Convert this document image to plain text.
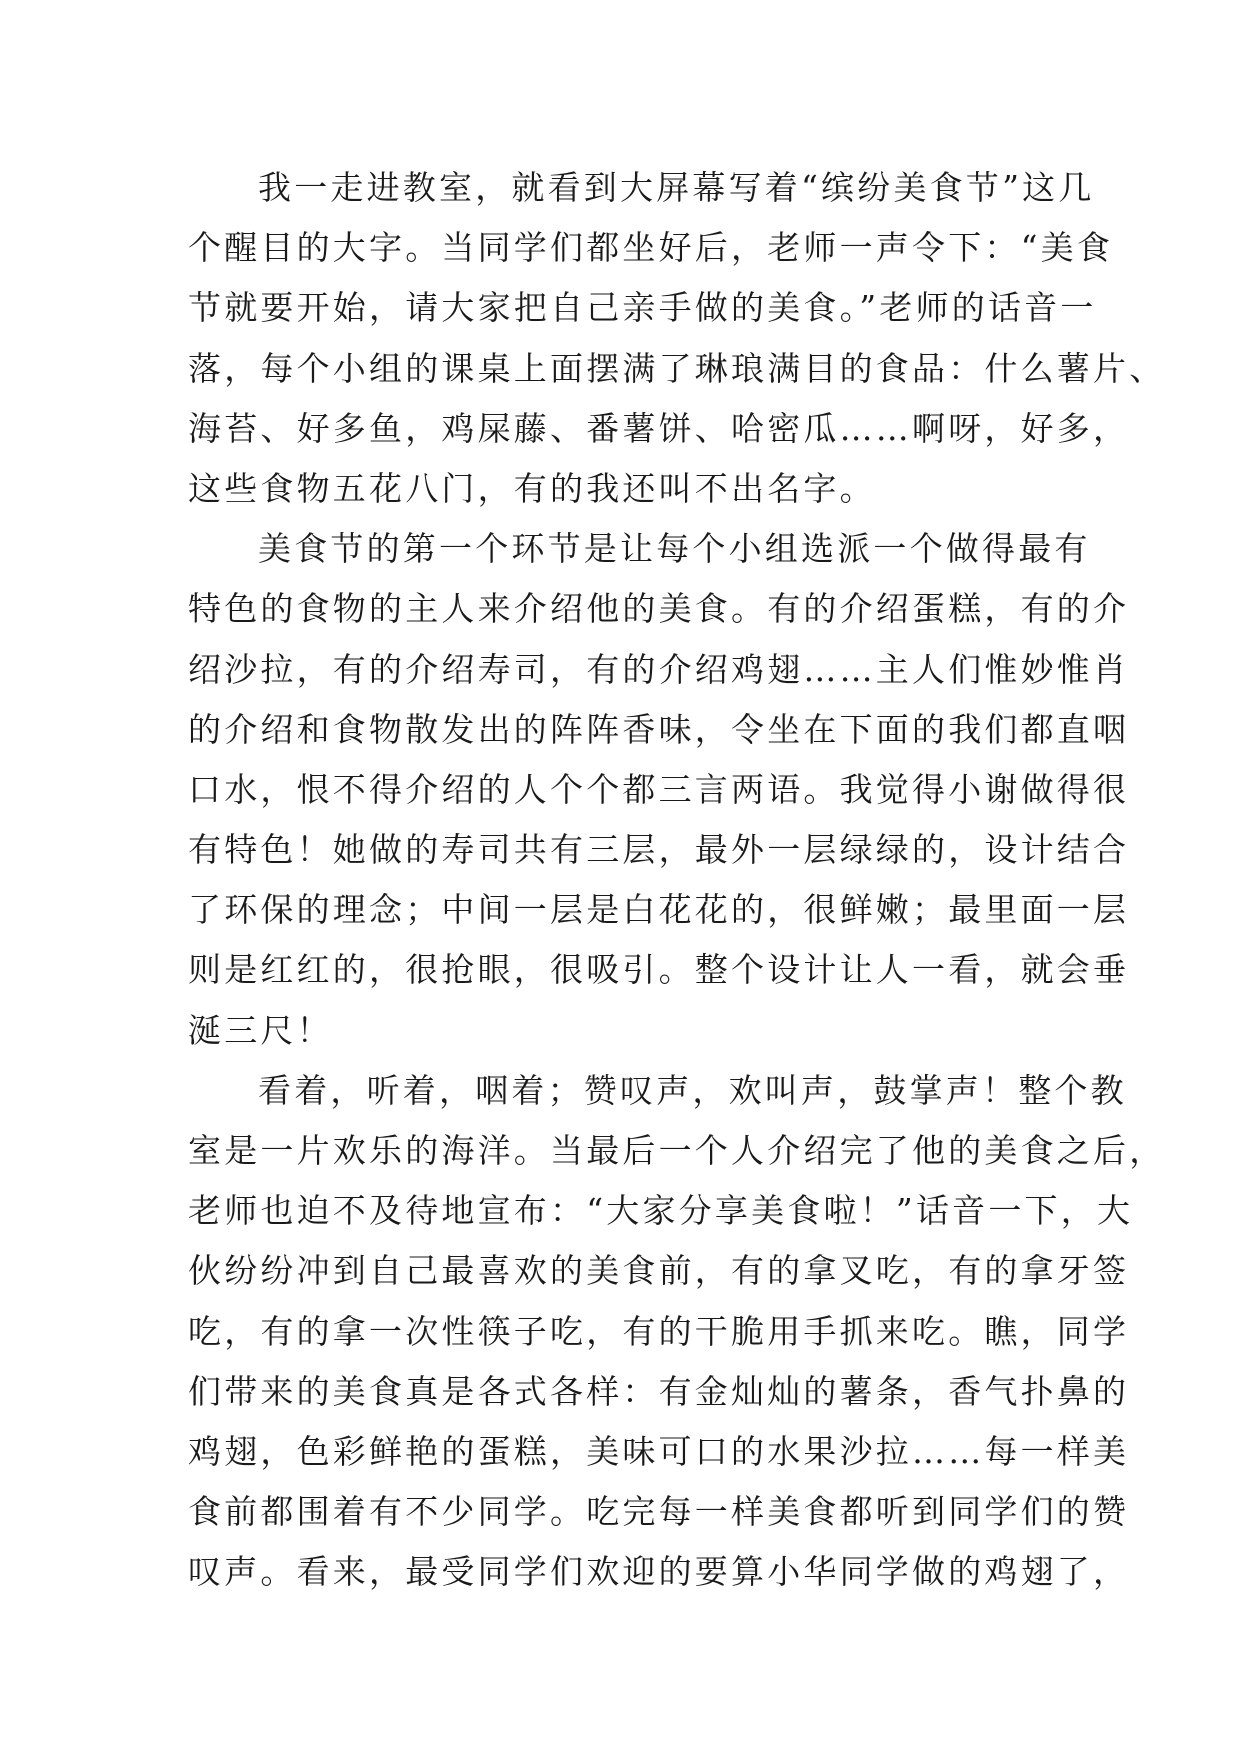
我一走进教室，就看到大屏幕写着“缤纷美食节”这几
个醒目的大字。当同学们都坐好后，老师一声令下：“美食
节就要开始，请大家把自己亲手做的美食。”老师的话音一
落，每个小组的课桌上面摆满了琳琅满目的食品：什么薯片、
海苔、好多鱼，鸡屎藤、番薯饼、哈密瓜……啊呀，好多，
这些食物五花八门，有的我还叫不出名字。
美食节的第一个环节是让每个小组选派一个做得最有
特色的食物的主人来介绍他的美食。有的介绍蛋糕，有的介
绍沙拉，有的介绍寿司，有的介绍鸡翅……主人们惟妙惟肖
的介绍和食物散发出的阵阵香味，令坐在下面的我们都直咽
口水，恨不得介绍的人个个都三言两语。我觉得小谢做得很
有特色！她做的寿司共有三层，最外一层绿绿的，设计结合
了环保的理念；中间一层是白花花的，很鲜嫩；最里面一层
则是红红的，很抢眼，很吸引。整个设计让人一看，就会垂
涎三尺！
看着，听着，咽着；赞叹声，欢叫声，鼓掌声！整个教
室是一片欢乐的海洋。当最后一个人介绍完了他的美食之后，
老师也迫不及待地宣布：“大家分享美食啦！”话音一下，大
伙纷纷冲到自己最喜欢的美食前，有的拿叉吃，有的拿牙签
吃，有的拿一次性筷子吃，有的干脆用手抓来吃。瞧，同学
们带来的美食真是各式各样：有金灿灿的薯条，香气扑鼻的
鸡翅，色彩鲜艳的蛋糕，美味可口的水果沙拉……每一样美
食前都围着有不少同学。吃完每一样美食都听到同学们的赞
叹声。看来，最受同学们欢迎的要算小华同学做的鸡翅了，
